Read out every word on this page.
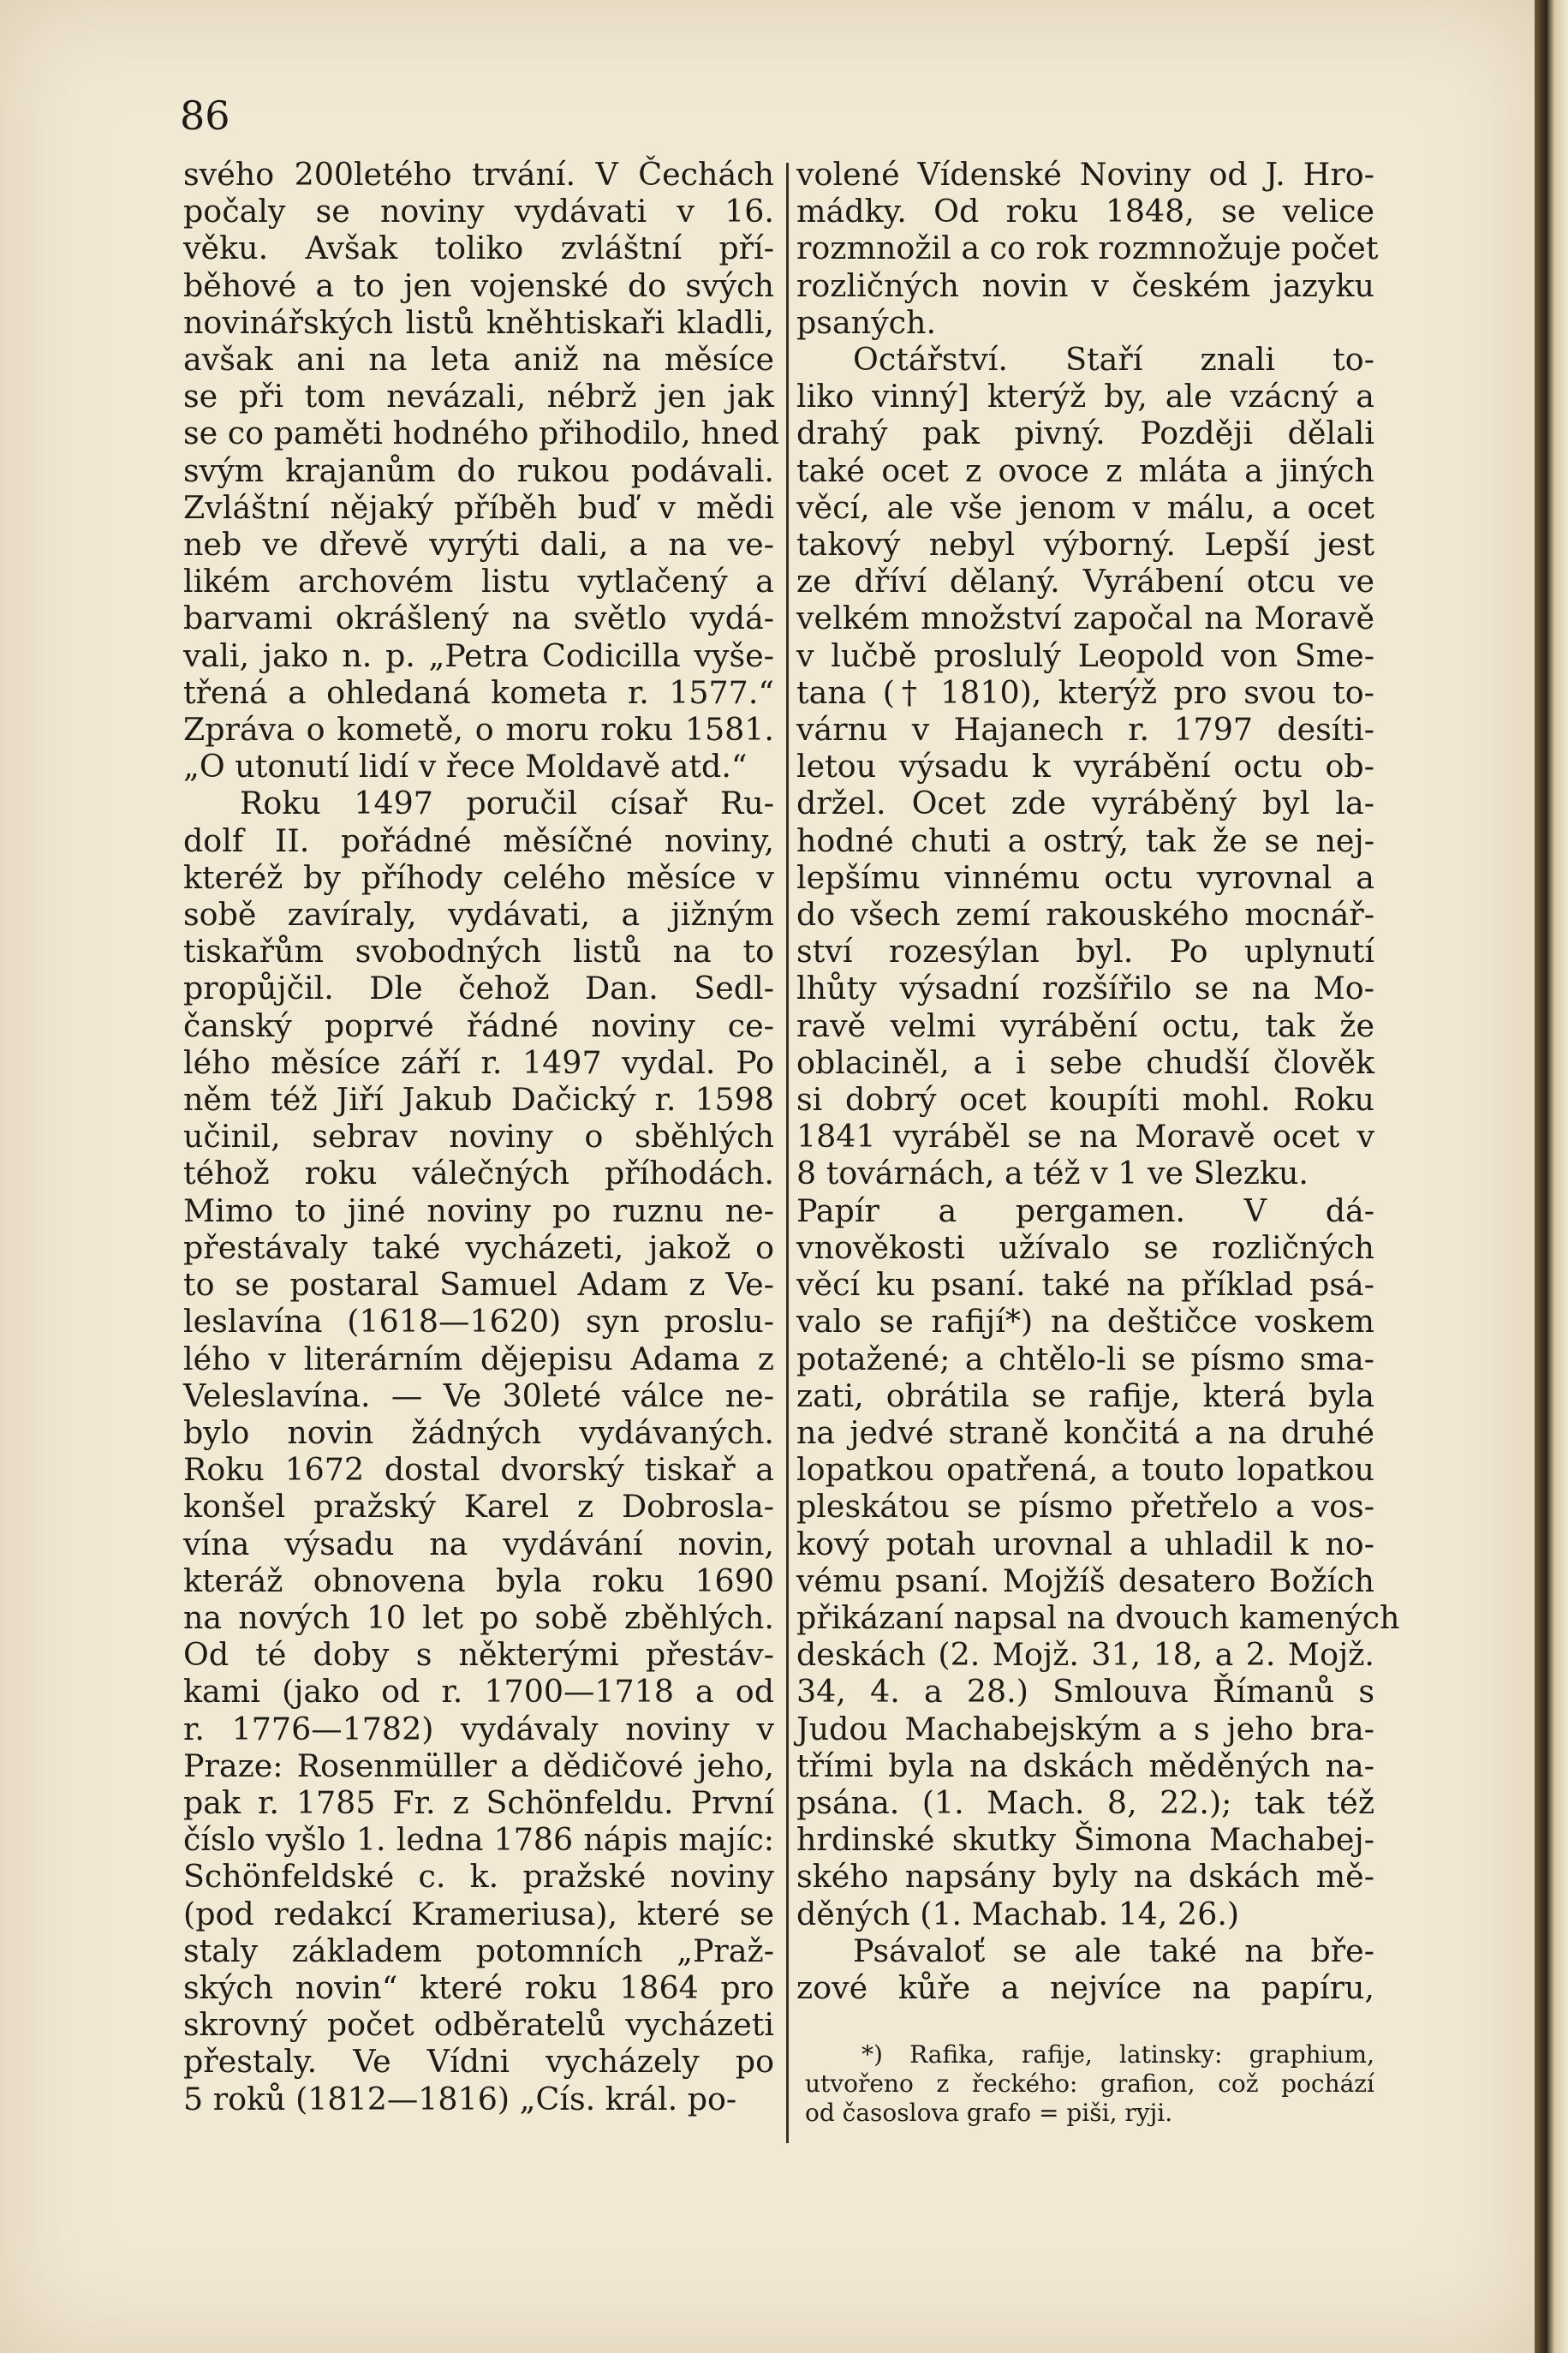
86
svého 200letého trvání. V Čechách
počaly se noviny vydávati v 16.
věku. Avšak toliko zvláštní pří-
běhové a to jen vojenské do svých
novinářských listů kněhtiskaři kladli,
avšak ani na leta aniž na měsíce
se při tom nevázali, nébrž jen jak
se co paměti hodného přihodilo, hned
svým krajanům do rukou podávali.
Zvláštní nějaký příběh buď v mědi
neb ve dřevě vyrýti dali, a na ve-
likém archovém listu vytlačený a
barvami okrášlený na světlo vydá-
vali, jako n. p. „Petra Codicilla vyše-
třená a ohledaná kometa r. 1577.“
Zpráva o kometě, o moru roku 1581.
„O utonutí lidí v řece Moldavě atd.“
Roku 1497 poručil císař Ru-
dolf II. pořádné měsíčné noviny,
kteréž by příhody celého měsíce v
sobě zavíraly, vydávati, a jižným
tiskařům svobodných listů na to
propůjčil. Dle čehož Dan. Sedl-
čanský poprvé řádné noviny ce-
lého měsíce září r. 1497 vydal. Po
něm též Jiří Jakub Dačický r. 1598
učinil, sebrav noviny o sběhlých
téhož roku válečných příhodách.
Mimo to jiné noviny po ruznu ne-
přestávaly také vycházeti, jakož o
to se postaral Samuel Adam z Ve-
leslavína (1618—1620) syn proslu-
lého v literárním dějepisu Adama z
Veleslavína. — Ve 30leté válce ne-
bylo novin žádných vydávaných.
Roku 1672 dostal dvorský tiskař a
konšel pražský Karel z Dobrosla-
vína výsadu na vydávání novin,
kteráž obnovena byla roku 1690
na nových 10 let po sobě zběhlých.
Od té doby s některými přestáv-
kami (jako od r. 1700—1718 a od
r. 1776—1782) vydávaly noviny v
Praze: Rosenmüller a dědičové jeho,
pak r. 1785 Fr. z Schönfeldu. První
číslo vyšlo 1. ledna 1786 nápis majíc:
Schönfeldské c. k. pražské noviny
(pod redakcí Krameriusa), které se
staly základem potomních „Praž-
ských novin“ které roku 1864 pro
skrovný počet odběratelů vycházeti
přestaly. Ve Vídni vycházely po
5 roků (1812—1816) „Cís. král. po-
volené Vídenské Noviny od J. Hro-
mádky. Od roku 1848, se velice
rozmnožil a co rok rozmnožuje počet
rozličných novin v českém jazyku
psaných.
Octářství. Staří znali to-
liko vinný] kterýž by, ale vzácný a
drahý pak pivný. Později dělali
také ocet z ovoce z mláta a jiných
věcí, ale vše jenom v málu, a ocet
takový nebyl výborný. Lepší jest
ze dříví dělaný. Vyrábení otcu ve
velkém množství započal na Moravě
v lučbě proslulý Leopold von Sme-
tana († 1810), kterýž pro svou to-
várnu v Hajanech r. 1797 desíti-
letou výsadu k vyrábění octu ob-
držel. Ocet zde vyráběný byl la-
hodné chuti a ostrý, tak že se nej-
lepšímu vinnému octu vyrovnal a
do všech zemí rakouského mocnář-
ství rozesýlan byl. Po uplynutí
lhůty výsadní rozšířilo se na Mo-
ravě velmi vyrábění octu, tak že
oblaciněl, a i sebe chudší člověk
si dobrý ocet koupíti mohl. Roku
1841 vyráběl se na Moravě ocet v
8 továrnách, a též v 1 ve Slezku.
Papír a pergamen. V dá-
vnověkosti užívalo se rozličných
věcí ku psaní. také na příklad psá-
valo se rafijí*) na deštičce voskem
potažené; a chtělo-li se písmo sma-
zati, obrátila se rafije, která byla
na jedvé straně končitá a na druhé
lopatkou opatřená, a touto lopatkou
pleskátou se písmo přetřelo a vos-
kový potah urovnal a uhladil k no-
vému psaní. Mojžíš desatero Božích
přikázaní napsal na dvouch kamených
deskách (2. Mojž. 31, 18, a 2. Mojž.
34, 4. a 28.) Smlouva Římanů s
Judou Machabejským a s jeho bra-
třími byla na dskách měděných na-
psána. (1. Mach. 8, 22.); tak též
hrdinské skutky Šimona Machabej-
ského napsány byly na dskách mě-
děných (1. Machab. 14, 26.)
Psávaloť se ale také na bře-
zové kůře a nejvíce na papíru,
*) Rafika, rafije, latinsky: graphium,
utvořeno z řeckého: grafion, což pochází
od časoslova grafo = piši, ryji.
